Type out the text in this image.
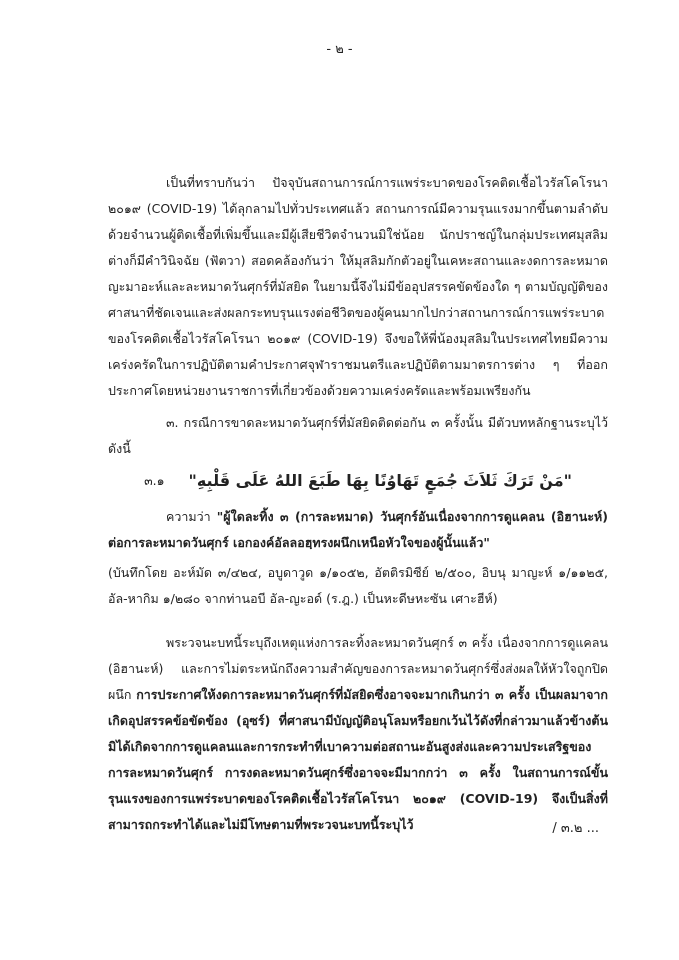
- ๒ -

เป็นที่ทราบกันว่า ปัจจุบันสถานการณ์การแพร่ระบาดของโรคติดเชื้อไวรัสโคโรนา ๒๐๑๙ (COVID-19) ได้ลุกลามไปทั่วประเทศแล้ว สถานการณ์มีความรุนแรงมากขึ้นตามลำดับ ด้วยจำนวนผู้ติดเชื้อที่เพิ่มขึ้นและมีผู้เสียชีวิตจำนวนมิใช่น้อย นักปราชญ์ในกลุ่มประเทศมุสลิมต่างก็มีคำวินิจฉัย (ฟัตวา) สอดคล้องกันว่า ให้มุสลิมกักตัวอยู่ในเคหะสถานและงดการละหมาดญะมาอะห์และละหมาดวันศุกร์ที่มัสยิด ในยามนี้จึงไม่มีข้ออุปสรรคขัดข้องใด ๆ ตามบัญญัติของศาสนาที่ชัดเจนและส่งผลกระทบรุนแรงต่อชีวิตของผู้คนมากไปกว่าสถานการณ์การแพร่ระบาดของโรคติดเชื้อไวรัสโคโรนา ๒๐๑๙ (COVID-19) จึงขอให้พี่น้องมุสลิมในประเทศไทยมีความเคร่งครัดในการปฏิบัติตามคำประกาศจุฬาราชมนตรีและปฏิบัติตามมาตรการต่าง ๆ ที่ออกประกาศโดยหน่วยงานราชการที่เกี่ยวข้องด้วยความเคร่งครัดและพร้อมเพรียงกัน

๓. กรณีการขาดละหมาดวันศุกร์ที่มัสยิดติดต่อกัน ๓ ครั้งนั้น มีตัวบทหลักฐานระบุไว้ดังนี้

๓.๑ "مَنْ تَرَكَ ثَلاَثَ جُمَعٍ تَهَاوُنًا بِهَا طَبَعَ اللهُ عَلَى قَلْبِهِ"

ความว่า "ผู้ใดละทิ้ง ๓ (การละหมาด) วันศุกร์อันเนื่องจากการดูแคลน (อิฮานะห์) ต่อการละหมาดวันศุกร์ เอกองค์อัลลอฮฺทรงผนึกเหนือหัวใจของผู้นั้นแล้ว"

(บันทึกโดย อะห์มัด ๓/๔๒๔, อบูดาวูด ๑/๑๐๕๒, อัตติรมิซีย์ ๒/๕๐๐, อิบนุ มาญะห์ ๑/๑๑๒๕, อัล-หากิม ๑/๒๘๐ จากท่านอบี อัล-ญะอด์ (ร.ฎ.) เป็นหะดีษหะซัน เศาะฮีห์)

พระวจนะบทนี้ระบุถึงเหตุแห่งการละทิ้งละหมาดวันศุกร์ ๓ ครั้ง เนื่องจากการดูแคลน (อิฮานะห์) และการไม่ตระหนักถึงความสำคัญของการละหมาดวันศุกร์ซึ่งส่งผลให้หัวใจถูกปิดผนึก การประกาศให้งดการละหมาดวันศุกร์ที่มัสยิดซึ่งอาจจะมากเกินกว่า ๓ ครั้ง เป็นผลมาจากเกิดอุปสรรคข้อขัดข้อง (อุซร์) ที่ศาสนามีบัญญัติอนุโลมหรือยกเว้นไว้ดังที่กล่าวมาแล้วข้างต้น มิได้เกิดจากการดูแคลนและการกระทำที่เบาความต่อสถานะอันสูงส่งและความประเสริฐของการละหมาดวันศุกร์ การงดละหมาดวันศุกร์ซึ่งอาจจะมีมากกว่า ๓ ครั้ง ในสถานการณ์ขั้นรุนแรงของการแพร่ระบาดของโรคติดเชื้อไวรัสโคโรนา ๒๐๑๙ (COVID-19) จึงเป็นสิ่งที่สามารถกระทำได้และไม่มีโทษตามที่พระวจนะบทนี้ระบุไว้	/ ๓.๒ ...
